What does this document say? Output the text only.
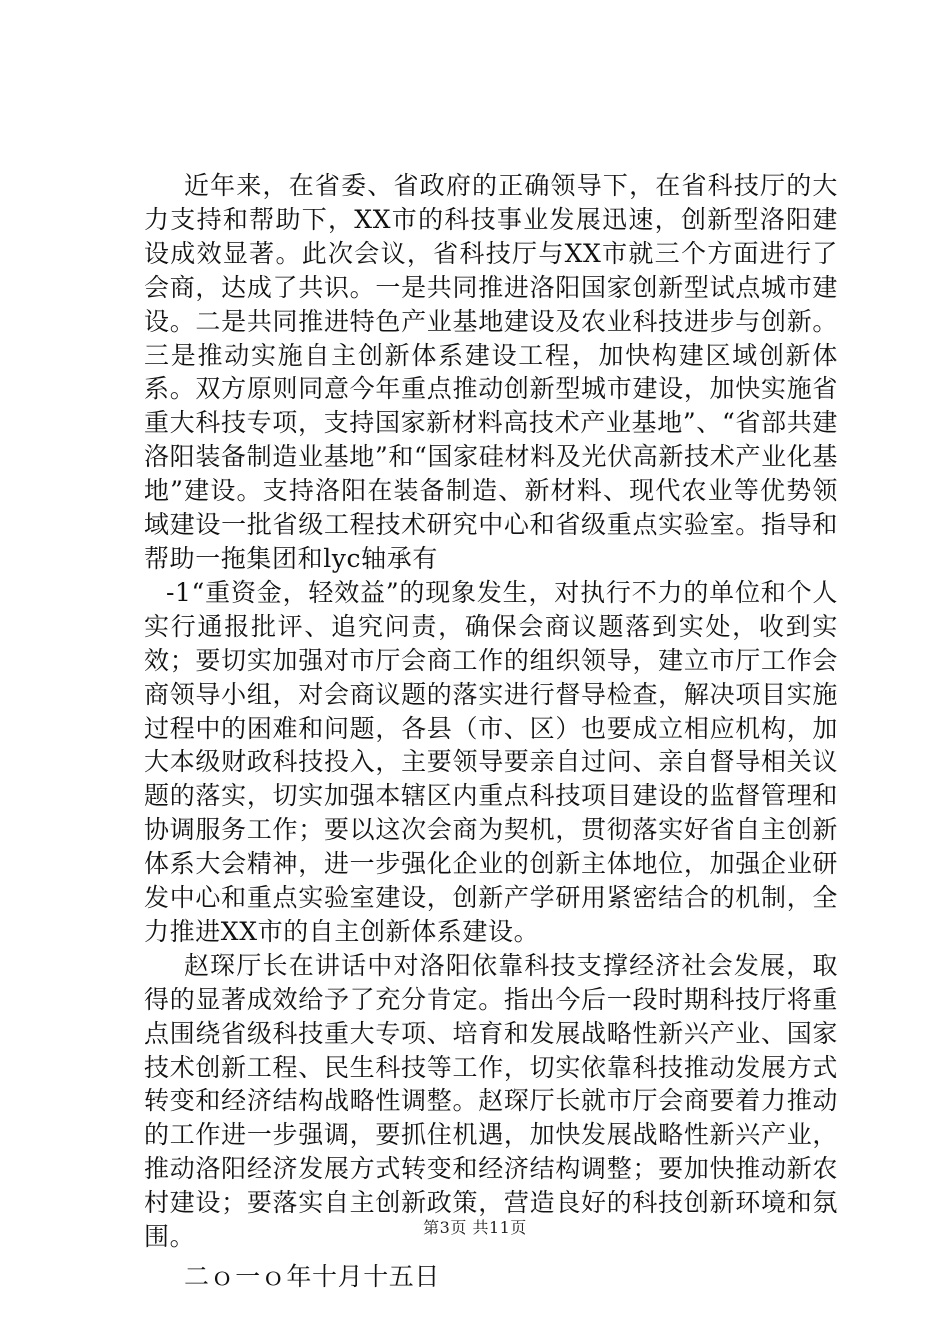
近年来，在省委、省政府的正确领导下，在省科技厅的大力支持和帮助下，XX市的科技事业发展迅速，创新型洛阳建设成效显著。此次会议，省科技厅与XX市就三个方面进行了会商，达成了共识。一是共同推进洛阳国家创新型试点城市建设。二是共同推进特色产业基地建设及农业科技进步与创新。三是推动实施自主创新体系建设工程，加快构建区域创新体系。双方原则同意今年重点推动创新型城市建设，加快实施省重大科技专项，支持国家新材料高技术产业基地”、“省部共建洛阳装备制造业基地”和“国家硅材料及光伏高新技术产业化基地”建设。支持洛阳在装备制造、新材料、现代农业等优势领域建设一批省级工程技术研究中心和省级重点实验室。指导和帮助一拖集团和lyc轴承有

-1“重资金，轻效益”的现象发生，对执行不力的单位和个人实行通报批评、追究问责，确保会商议题落到实处，收到实效；要切实加强对市厅会商工作的组织领导，建立市厅工作会商领导小组，对会商议题的落实进行督导检查，解决项目实施过程中的困难和问题，各县（市、区）也要成立相应机构，加大本级财政科技投入，主要领导要亲自过问、亲自督导相关议题的落实，切实加强本辖区内重点科技项目建设的监督管理和协调服务工作；要以这次会商为契机，贯彻落实好省自主创新体系大会精神，进一步强化企业的创新主体地位，加强企业研发中心和重点实验室建设，创新产学研用紧密结合的机制，全力推进XX市的自主创新体系建设。

赵琛厅长在讲话中对洛阳依靠科技支撑经济社会发展，取得的显著成效给予了充分肯定。指出今后一段时期科技厅将重点围绕省级科技重大专项、培育和发展战略性新兴产业、国家技术创新工程、民生科技等工作，切实依靠科技推动发展方式转变和经济结构战略性调整。赵琛厅长就市厅会商要着力推动的工作进一步强调，要抓住机遇，加快发展战略性新兴产业，推动洛阳经济发展方式转变和经济结构调整；要加快推动新农村建设；要落实自主创新政策，营造良好的科技创新环境和氛围。

二ｏ一ｏ年十月十五日

第3页 共11页
